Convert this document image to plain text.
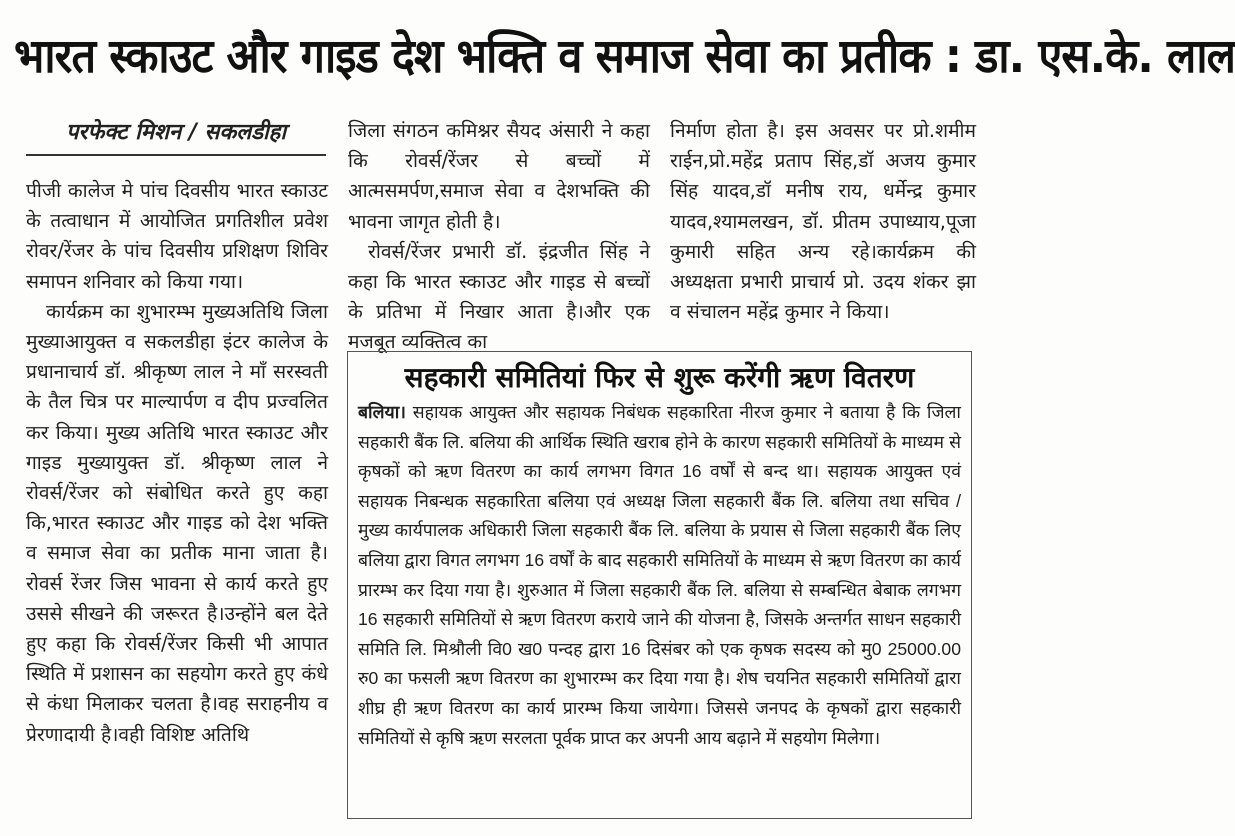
भारत स्काउट और गाइड देश भक्ति व समाज सेवा का प्रतीक : डा. एस.के. लाल
परफेक्ट मिशन / सकलडीहा

पीजी कालेज मे पांच दिवसीय भारत स्काउट के तत्वाधान में आयोजित प्रगतिशील प्रवेश रोवर/रेंजर के पांच दिवसीय प्रशिक्षण शिविर समापन शनिवार को किया गया।

कार्यक्रम का शुभारम्भ मुख्यअतिथि जिला मुख्याआयुक्त व सकलडीहा इंटर कालेज के प्रधानाचार्य डॉ. श्रीकृष्ण लाल ने माँ सरस्वती के तैल चित्र पर माल्यार्पण व दीप प्रज्वलित कर किया। मुख्य अतिथि भारत स्काउट और गाइड मुख्यायुक्त डॉ. श्रीकृष्ण लाल ने रोवर्स/रेंजर को संबोधित करते हुए कहा कि,भारत स्काउट और गाइड को देश भक्ति व समाज सेवा का प्रतीक माना जाता है।रोवर्स रेंजर जिस भावना से कार्य करते हुए उससे सीखने की जरूरत है।उन्होंने बल देते हुए कहा कि रोवर्स/रेंजर किसी भी आपात स्थिति में प्रशासन का सहयोग करते हुए कंधे से कंधा मिलाकर चलता है।वह सराहनीय व प्रेरणादायी है।वही विशिष्ट अतिथि

जिला संगठन कमिश्नर सैयद अंसारी ने कहा कि रोवर्स/रेंजर से बच्चों में आत्मसमर्पण,समाज सेवा व देशभक्ति की भावना जागृत होती है।

रोवर्स/रेंजर प्रभारी डॉ. इंद्रजीत सिंह ने कहा कि भारत स्काउट और गाइड से बच्चों के प्रतिभा में निखार आता है।और एक मजबूत व्यक्तित्व का

निर्माण होता है। इस अवसर पर प्रो.शमीम राईन,प्रो.महेंद्र प्रताप सिंह,डॉ अजय कुमार सिंह यादव,डॉ मनीष राय, धर्मेन्द्र कुमार यादव,श्यामलखन, डॉ. प्रीतम उपाध्याय,पूजा कुमारी सहित अन्य रहे।कार्यक्रम की अध्यक्षता प्रभारी प्राचार्य प्रो. उदय शंकर झा व संचालन महेंद्र कुमार ने किया।

सहकारी समितियां फिर से शुरू करेंगी ऋण वितरण
बलिया। सहायक आयुक्त और सहायक निबंधक सहकारिता नीरज कुमार ने बताया है कि जिला सहकारी बैंक लि. बलिया की आर्थिक स्थिति खराब होने के कारण सहकारी समितियों के माध्यम से कृषकों को ऋण वितरण का कार्य लगभग विगत 16 वर्षों से बन्द था। सहायक आयुक्त एवं सहायक निबन्धक सहकारिता बलिया एवं अध्यक्ष जिला सहकारी बैंक लि. बलिया तथा सचिव / मुख्य कार्यपालक अधिकारी जिला सहकारी बैंक लि. बलिया के प्रयास से जिला सहकारी बैंक लिए बलिया द्वारा विगत लगभग 16 वर्षों के बाद सहकारी समितियों के माध्यम से ऋण वितरण का कार्य प्रारम्भ कर दिया गया है। शुरुआत में जिला सहकारी बैंक लि. बलिया से सम्बन्धित बेबाक लगभग 16 सहकारी समितियों से ऋण वितरण कराये जाने की योजना है, जिसके अन्तर्गत साधन सहकारी समिति लि. मिश्रौली वि0 ख0 पन्दह द्वारा 16 दिसंबर को एक कृषक सदस्य को मु0 25000.00 रु0 का फसली ऋण वितरण का शुभारम्भ कर दिया गया है। शेष चयनित सहकारी समितियों द्वारा शीघ्र ही ऋण वितरण का कार्य प्रारम्भ किया जायेगा। जिससे जनपद के कृषकों द्वारा सहकारी समितियों से कृषि ऋण सरलता पूर्वक प्राप्त कर अपनी आय बढ़ाने में सहयोग मिलेगा।
